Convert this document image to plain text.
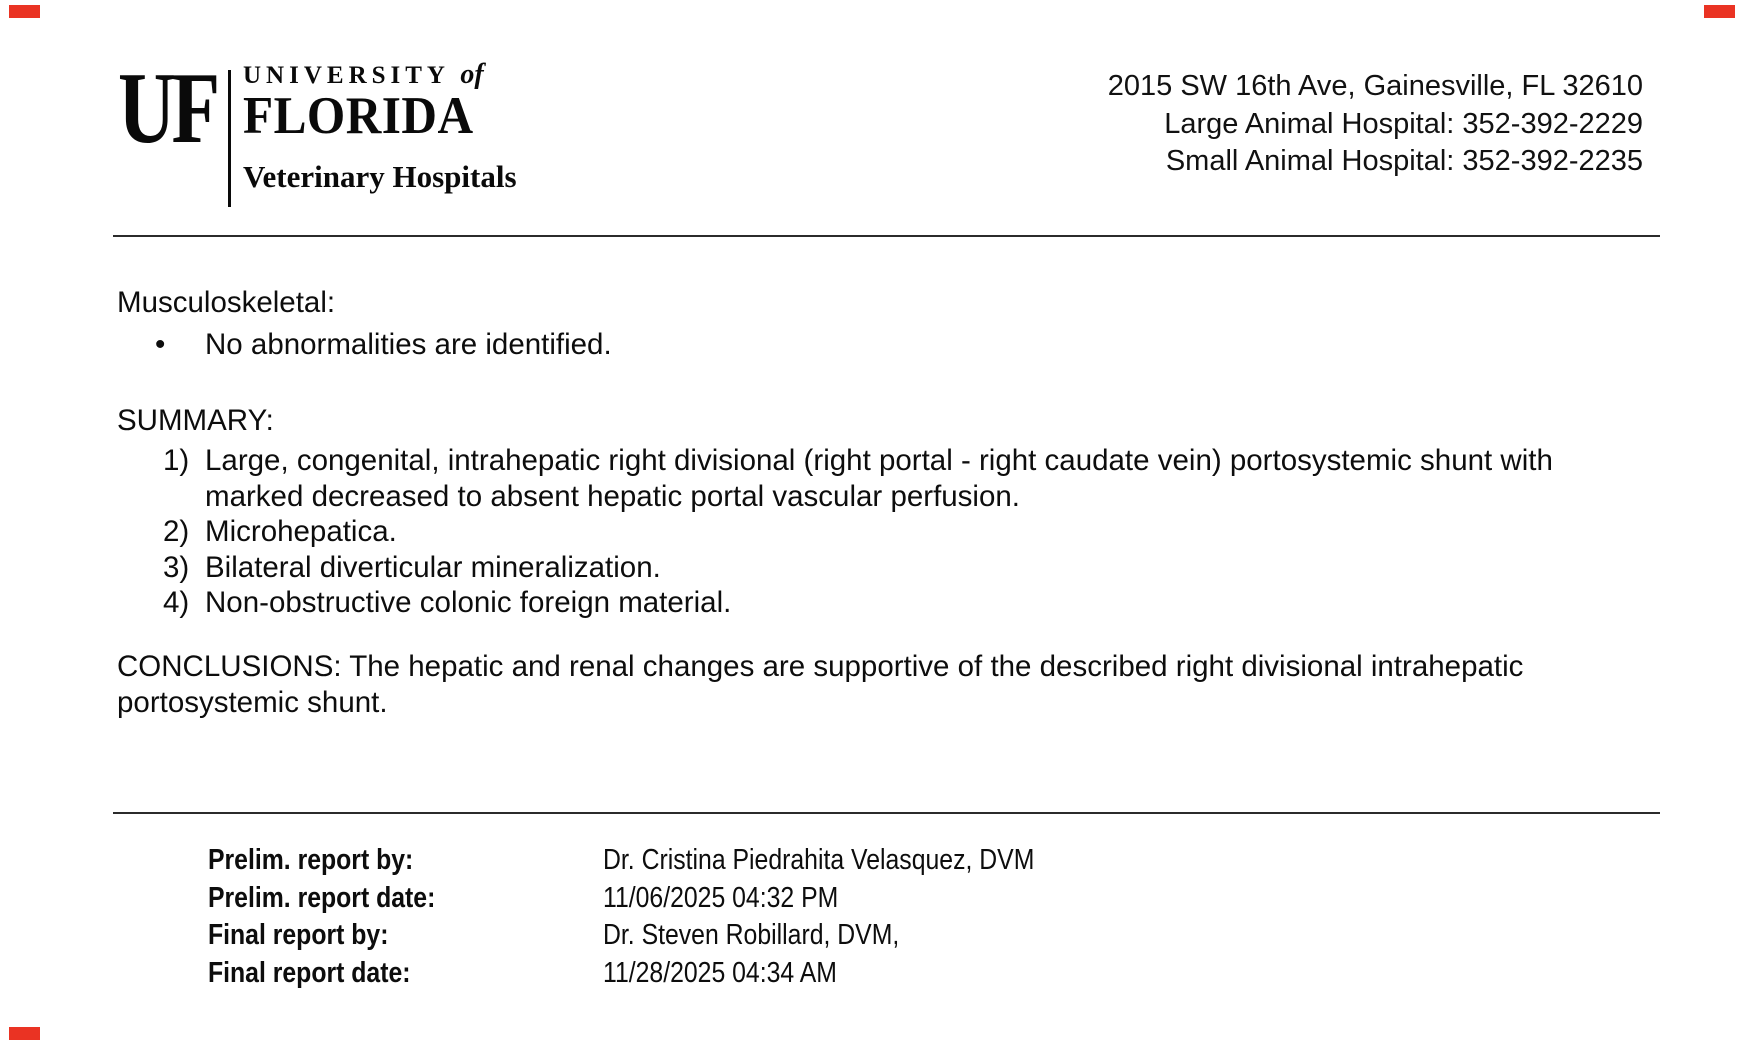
UF UNIVERSITY of
FLORIDA
Veterinary Hospitals
2015 SW 16th Ave, Gainesville, FL 32610
Large Animal Hospital: 352-392-2229
Small Animal Hospital: 352-392-2235
Musculoskeletal:
• No abnormalities are identified.
SUMMARY:
1) Large, congenital, intrahepatic right divisional (right portal - right caudate vein) portosystemic shunt with marked decreased to absent hepatic portal vascular perfusion.
2) Microhepatica.
3) Bilateral diverticular mineralization.
4) Non-obstructive colonic foreign material.
CONCLUSIONS: The hepatic and renal changes are supportive of the described right divisional intrahepatic portosystemic shunt.
Prelim. report by:	Dr. Cristina Piedrahita Velasquez, DVM
Prelim. report date:	11/06/2025 04:32 PM
Final report by:	Dr. Steven Robillard, DVM,
Final report date:	11/28/2025 04:34 AM
